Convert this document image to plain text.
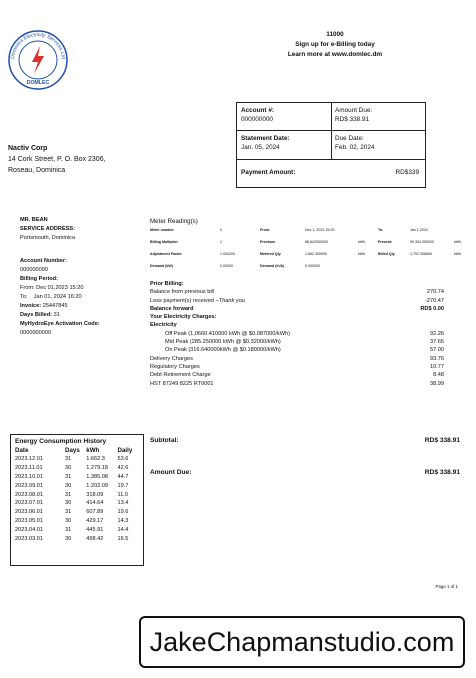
Dominica Electricity Services Ltd
DOMLEC
11000
Sign up for e-Billing today
Learn more at www.domlec.dm
Account #:
000000000
Amount Due:
RD$ 338.91
Statement Date:
Jan. 05, 2024
Due Date:
Feb. 02, 2024
Payment Amount:	RD$339
Nactiv Corp
14 Cork Street, P. O. Box 2306,
Roseau, Dominica
MR. BEAN
SERVICE ADDRESS:
Portsmouth, Dominica
Account Number:
000000000
Billing Period:
From: Dec 01,2023 15:20
To: Jan 01, 2024 16:20
Invoice: 25447845
Days Billed: 31
MyHydroEye Activation Code:
0000000000
Meter Reading(s)
Meter number	0	From:	Dec 1, 2023 15:20	To:	Jan 1,2024
Billing Multiplier	1	Previous	88,642050000	kWh	Present:	90,304.350000	kWh
Adjustment Factor	1.054200	Metered Qty	1,662.300000	kWh	Billed Qty	1,752.306660	kWh
Demand (kW)	0.00000	Demand (kVA)	0.000000
Prior Billing:
Balance from previous bill	270.74
Less payment(s) received –Thank you	-270.47
Balance forward	RD$ 0.00
Your Electricity Charges:
Electricity
Off Peak (1,0660.410000 kWh @ $0.087000/kWh)	92.26
Mid Peak (285.250000 kWh @ $0.32000/kWh)	37.65
On Peak (316.640000kWh @ $0.180000/kWh)	57.00
Delivery Charges	93.76
Regulatory Charges	10.77
Debt Retirement Charge	8.48
HST 87249 8225 RT0001	38.99
Subtotal:	RD$ 338.91
Amount Due:	RD$ 338.91
Energy Consumption History
Date	Days	kWh	Daily
2023.12.01	31	1.662.3	53.6
2023.11.01	30	1.279.18	42.6
2023.10.01	31	1.385.08	44.7
2023.09.01	30	1.202.09	19.7
2023.08.01	31	318.09	11.0
2023.07.01	30	414.64	13.4
2023.06.01	31	607.89	19.6
2023.05.01	30	429.17	14.3
2023.04.01	31	445.91	14.4
2023.03.01	30	498.42	16.5
Page 1 of 1
JakeChapmanstudio.com
